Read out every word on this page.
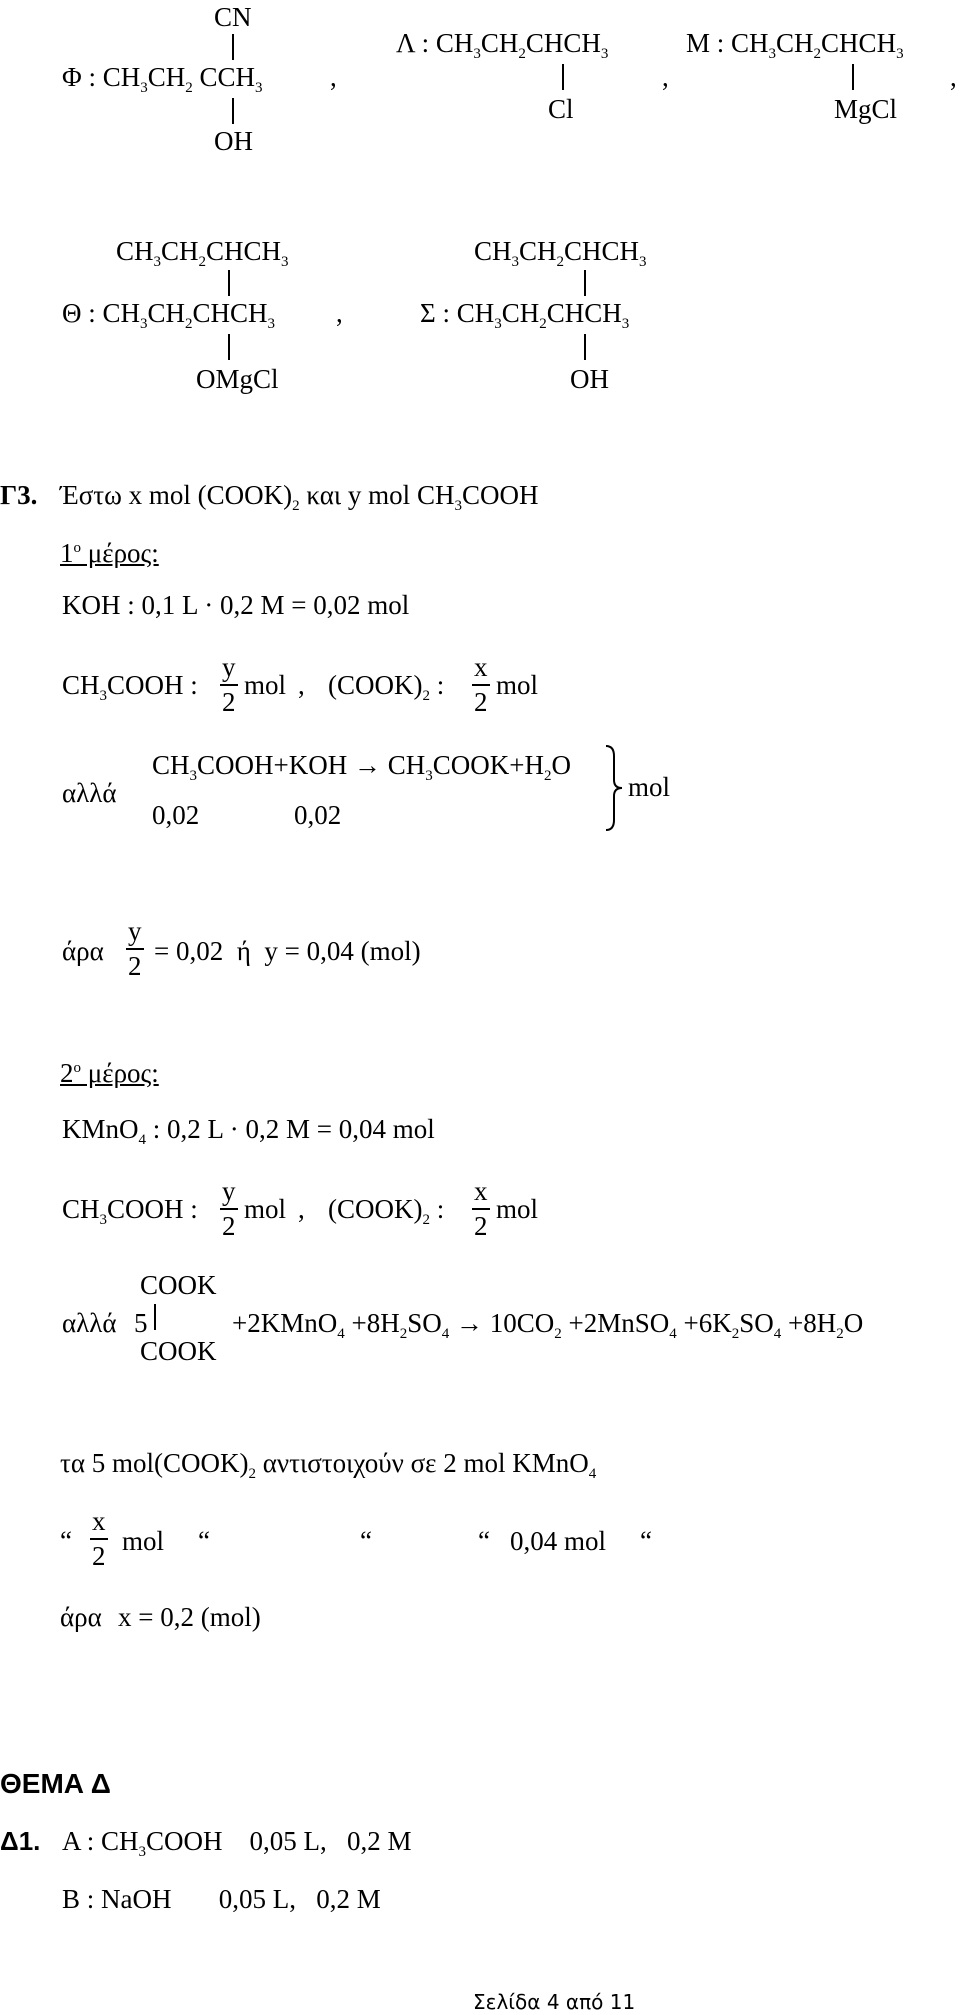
CN
Φ : $CH_3CH_2$ $CCH_3$ ,
OH
Λ : $CH_3CH_2CHCH_3$
,
Cl
M : $CH_3CH_2CHCH_3$
,
MgCl
$CH_3CH_2CHCH_3$
Θ : $CH_3CH_2CHCH_3$ ,
OMgCl
$CH_3CH_2CHCH_3$
Σ : $CH_3CH_2CHCH_3$
OH
Γ3. Έστω x mol $(COOK)_2$ και y mol $CH_3COOH$
$1^o$ μέρος:
KOH : 0,1 L · 0,2 M = 0,02 mol
$CH_3COOH$ :
y
2
mol , $(COOK)_2$ :
x
2
mol
αλλά
$CH_3COOH+KOH$ → $CH_3COOK+H_2O$
0,02	0,02
mol
άρα
y
2 = 0,02  ή  y = 0,04 (mol)
$2^o$ μέρος:
KMnO$_4$ : 0,2 L · 0,2 M = 0,04 mol
$CH_3COOH$ :
y
2
mol , $(COOK)_2$ :
x
2
mol
αλλά 5
COOK
COOK
+2KMnO$_4$ $+8H_2SO_4 \to 10CO_2$ +2MnSO$_4$ $+6K_2SO_4 +8H_2O$
τα 5 $mol(COOK)_2$ αντιστοιχούν σε 2 mol KMnO$_4$
“
x
2 mol “	“	“ 0,04 mol “
άρα x = 0,2 (mol)
ΘΕΜΑ Δ
Δ1. A : $CH_3COOH$    0,05 L,   0,2 M
B : NaOH       0,05 L,   0,2 M
Σελίδα 4 από 11
